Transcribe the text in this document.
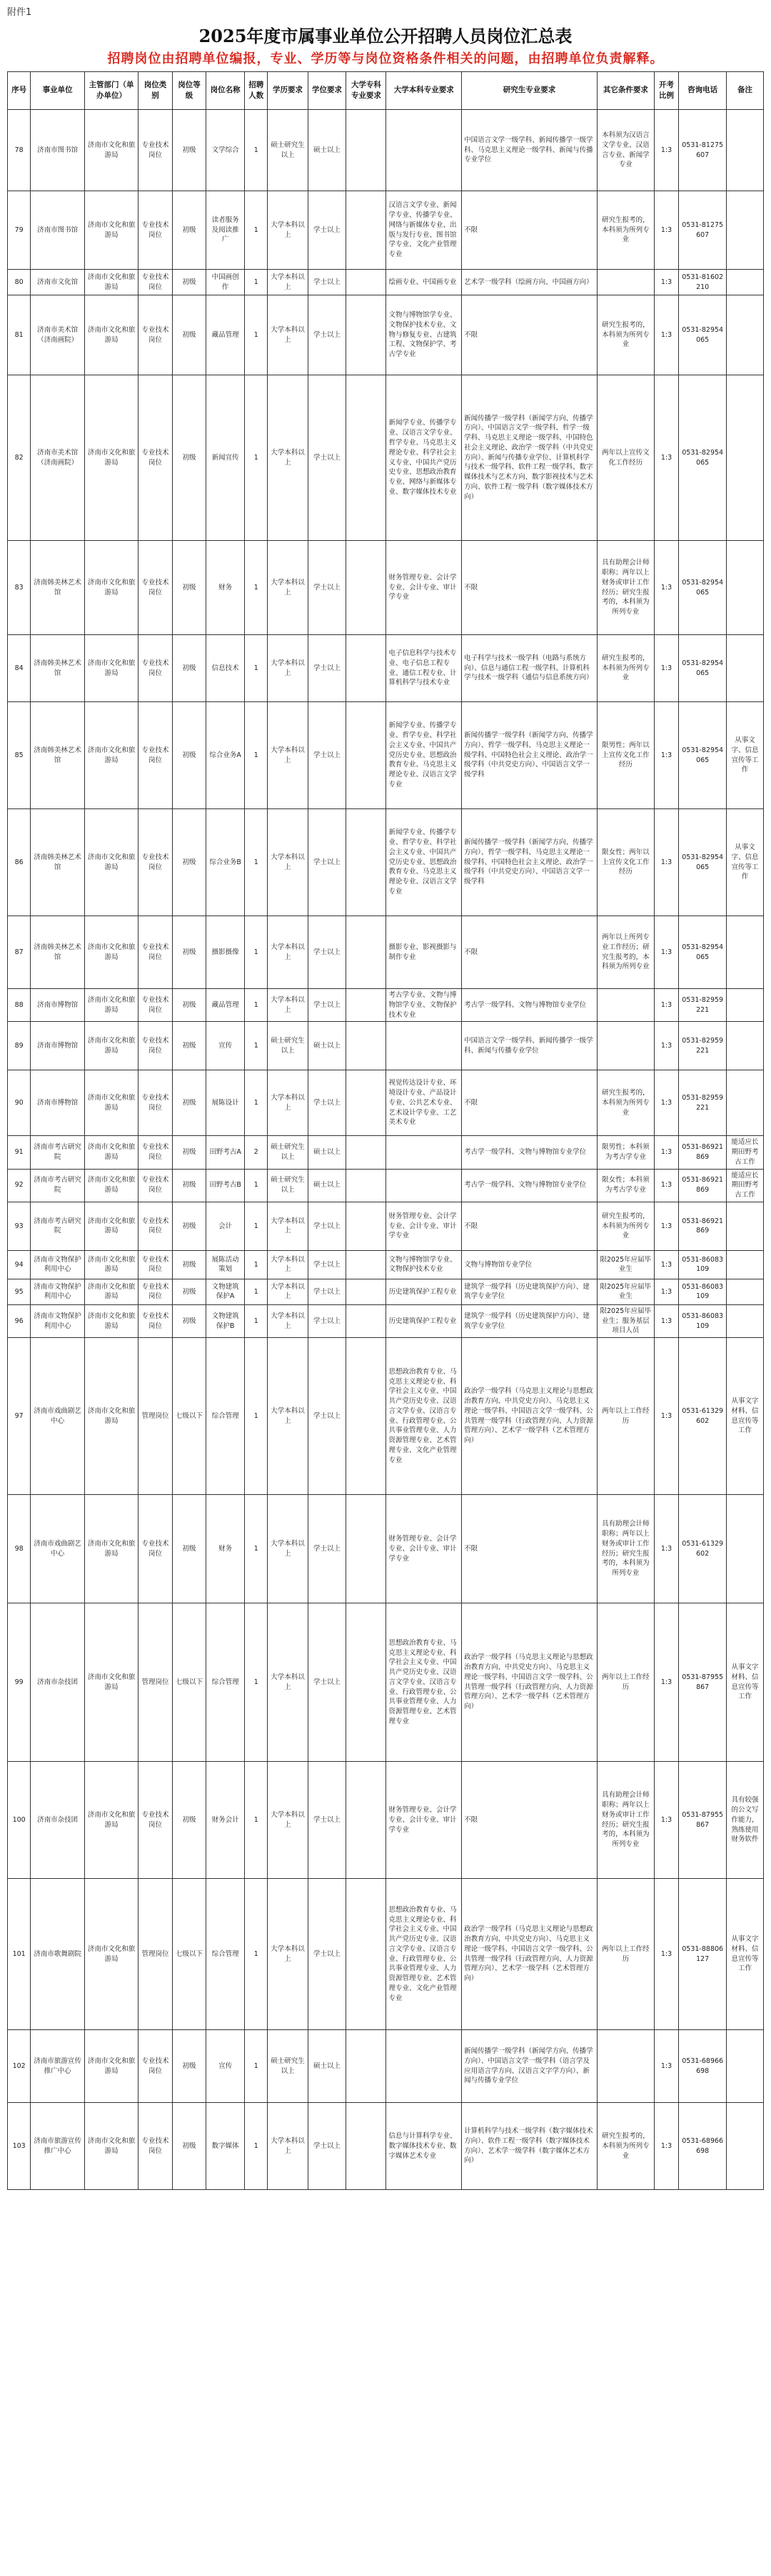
附件1
2025年度市属事业单位公开招聘人员岗位汇总表
招聘岗位由招聘单位编报，专业、学历等与岗位资格条件相关的问题，由招聘单位负责解释。
序号	事业单位	主管部门（单办单位）	岗位类别	岗位等级	岗位名称	招聘人数	学历要求	学位要求	大学专科专业要求	大学本科专业要求	研究生专业要求	其它条件要求	开考比例	咨询电话	备注
78	济南市图书馆	济南市文化和旅游局	专业技术岗位	初级	文学综合	1	硕士研究生以上	硕士以上			中国语言文学一级学科、新闻传播学一级学科、马克思主义理论一级学科、新闻与传播专业学位	本科须为汉语言文学专业、汉语言专业、新闻学专业	1:3	0531-81275607	
79	济南市图书馆	济南市文化和旅游局	专业技术岗位	初级	读者服务及阅读推广	1	大学本科以上	学士以上		汉语言文学专业、新闻学专业、传播学专业、网络与新媒体专业、出版与发行专业、图书馆学专业、文化产业管理专业	不限	研究生报考的，本科须为所列专业	1:3	0531-81275607	
80	济南市文化馆	济南市文化和旅游局	专业技术岗位	初级	中国画创作	1	大学本科以上	学士以上		绘画专业、中国画专业	艺术学一级学科（绘画方向、中国画方向）		1:3	0531-81602210	
81	济南市美术馆（济南画院）	济南市文化和旅游局	专业技术岗位	初级	藏品管理	1	大学本科以上	学士以上		文物与博物馆学专业、文物保护技术专业、文物与修复专业、古建筑工程、文物保护学、考古学专业	不限	研究生报考的，本科须为所列专业	1:3	0531-82954065	
82	济南市美术馆（济南画院）	济南市文化和旅游局	专业技术岗位	初级	新闻宣传	1	大学本科以上	学士以上		新闻学专业、传播学专业、汉语言文学专业、哲学专业、马克思主义理论专业、科学社会主义专业、中国共产党历史专业、思想政治教育专业、网络与新媒体专业、数字媒体技术专业	新闻传播学一级学科（新闻学方向、传播学方向）、中国语言文学一级学科、哲学一级学科、马克思主义理论一级学科、中国特色社会主义理论、政治学一级学科（中共党史方向）、新闻与传播专业学位、计算机科学与技术一级学科、软件工程一级学科、数字媒体技术与艺术方向、数字影视技术与艺术方向、软件工程一级学科（数字媒体技术方向）	两年以上宣传文化工作经历	1:3	0531-82954065	
83	济南韩美林艺术馆	济南市文化和旅游局	专业技术岗位	初级	财务	1	大学本科以上	学士以上		财务管理专业、会计学专业、会计专业、审计学专业	不限	具有助理会计师职称；两年以上财务或审计工作经历；研究生报考的，本科须为所列专业	1:3	0531-82954065	
84	济南韩美林艺术馆	济南市文化和旅游局	专业技术岗位	初级	信息技术	1	大学本科以上	学士以上		电子信息科学与技术专业、电子信息工程专业、通信工程专业、计算机科学与技术专业	电子科学与技术一级学科（电路与系统方向）、信息与通信工程一级学科、计算机科学与技术一级学科（通信与信息系统方向）	研究生报考的，本科须为所列专业	1:3	0531-82954065	
85	济南韩美林艺术馆	济南市文化和旅游局	专业技术岗位	初级	综合业务A	1	大学本科以上	学士以上		新闻学专业、传播学专业、哲学专业、科学社会主义专业、中国共产党历史专业、思想政治教育专业、马克思主义理论专业、汉语言文学专业	新闻传播学一级学科（新闻学方向、传播学方向）、哲学一级学科、马克思主义理论一级学科、中国特色社会主义理论、政治学一级学科（中共党史方向）、中国语言文学一级学科	限男性；两年以上宣传文化工作经历	1:3	0531-82954065	从事文字、信息宣传等工作
86	济南韩美林艺术馆	济南市文化和旅游局	专业技术岗位	初级	综合业务B	1	大学本科以上	学士以上		新闻学专业、传播学专业、哲学专业、科学社会主义专业、中国共产党历史专业、思想政治教育专业、马克思主义理论专业、汉语言文学专业	新闻传播学一级学科（新闻学方向、传播学方向）、哲学一级学科、马克思主义理论一级学科、中国特色社会主义理论、政治学一级学科（中共党史方向）、中国语言文学一级学科	限女性；两年以上宣传文化工作经历	1:3	0531-82954065	从事文字、信息宣传等工作
87	济南韩美林艺术馆	济南市文化和旅游局	专业技术岗位	初级	摄影摄像	1	大学本科以上	学士以上		摄影专业、影视摄影与制作专业	不限	两年以上所列专业工作经历；研究生报考的，本科须为所列专业	1:3	0531-82954065	
88	济南市博物馆	济南市文化和旅游局	专业技术岗位	初级	藏品管理	1	大学本科以上	学士以上		考古学专业、文物与博物馆学专业、文物保护技术专业	考古学一级学科、文物与博物馆专业学位		1:3	0531-82959221	
89	济南市博物馆	济南市文化和旅游局	专业技术岗位	初级	宣传	1	硕士研究生以上	硕士以上			中国语言文学一级学科、新闻传播学一级学科、新闻与传播专业学位		1:3	0531-82959221	
90	济南市博物馆	济南市文化和旅游局	专业技术岗位	初级	展陈设计	1	大学本科以上	学士以上		视觉传达设计专业、环境设计专业、产品设计专业、公共艺术专业、艺术设计学专业、工艺美术专业	不限	研究生报考的，本科须为所列专业	1:3	0531-82959221	
91	济南市考古研究院	济南市文化和旅游局	专业技术岗位	初级	田野考古A	2	硕士研究生以上	硕士以上			考古学一级学科、文物与博物馆专业学位	限男性；本科须为考古学专业	1:3	0531-86921869	能适应长期田野考古工作
92	济南市考古研究院	济南市文化和旅游局	专业技术岗位	初级	田野考古B	1	硕士研究生以上	硕士以上			考古学一级学科、文物与博物馆专业学位	限女性；本科须为考古学专业	1:3	0531-86921869	能适应长期田野考古工作
93	济南市考古研究院	济南市文化和旅游局	专业技术岗位	初级	会计	1	大学本科以上	学士以上		财务管理专业、会计学专业、会计专业、审计学专业	不限	研究生报考的，本科须为所列专业	1:3	0531-86921869	
94	济南市文物保护利用中心	济南市文化和旅游局	专业技术岗位	初级	展陈活动策划	1	大学本科以上	学士以上		文物与博物馆学专业、文物保护技术专业	文物与博物馆专业学位	限2025年应届毕业生	1:3	0531-86083109	
95	济南市文物保护利用中心	济南市文化和旅游局	专业技术岗位	初级	文物建筑保护A	1	大学本科以上	学士以上		历史建筑保护工程专业	建筑学一级学科（历史建筑保护方向）、建筑学专业学位	限2025年应届毕业生	1:3	0531-86083109	
96	济南市文物保护利用中心	济南市文化和旅游局	专业技术岗位	初级	文物建筑保护B	1	大学本科以上	学士以上		历史建筑保护工程专业	建筑学一级学科（历史建筑保护方向）、建筑学专业学位	限2025年应届毕业生；服务基层项目人员	1:3	0531-86083109	
97	济南市戏曲剧艺中心	济南市文化和旅游局	管理岗位	七级以下	综合管理	1	大学本科以上	学士以上		思想政治教育专业、马克思主义理论专业、科学社会主义专业、中国共产党历史专业、汉语言文学专业、汉语言专业、行政管理专业、公共事业管理专业、人力资源管理专业、艺术管理专业、文化产业管理专业	政治学一级学科（马克思主义理论与思想政治教育方向、中共党史方向）、马克思主义理论一级学科、中国语言文学一级学科、公共管理一级学科（行政管理方向、人力资源管理方向）、艺术学一级学科（艺术管理方向）	两年以上工作经历	1:3	0531-61329602	从事文字材料、信息宣传等工作
98	济南市戏曲剧艺中心	济南市文化和旅游局	专业技术岗位	初级	财务	1	大学本科以上	学士以上		财务管理专业、会计学专业、会计专业、审计学专业	不限	具有助理会计师职称；两年以上财务或审计工作经历；研究生报考的，本科须为所列专业	1:3	0531-61329602	
99	济南市杂技团	济南市文化和旅游局	管理岗位	七级以下	综合管理	1	大学本科以上	学士以上		思想政治教育专业、马克思主义理论专业、科学社会主义专业、中国共产党历史专业、汉语言文学专业、汉语言专业、行政管理专业、公共事业管理专业、人力资源管理专业、艺术管理专业	政治学一级学科（马克思主义理论与思想政治教育方向、中共党史方向）、马克思主义理论一级学科、中国语言文学一级学科、公共管理一级学科（行政管理方向、人力资源管理方向）、艺术学一级学科（艺术管理方向）	两年以上工作经历	1:3	0531-87955867	从事文字材料、信息宣传等工作
100	济南市杂技团	济南市文化和旅游局	专业技术岗位	初级	财务会计	1	大学本科以上	学士以上		财务管理专业、会计学专业、会计专业、审计学专业	不限	具有助理会计师职称；两年以上财务或审计工作经历；研究生报考的，本科须为所列专业	1:3	0531-87955867	具有较强的公文写作能力，熟练使用财务软件
101	济南市歌舞剧院	济南市文化和旅游局	管理岗位	七级以下	综合管理	1	大学本科以上	学士以上		思想政治教育专业、马克思主义理论专业、科学社会主义专业、中国共产党历史专业、汉语言文学专业、汉语言专业、行政管理专业、公共事业管理专业、人力资源管理专业、艺术管理专业、文化产业管理专业	政治学一级学科（马克思主义理论与思想政治教育方向、中共党史方向）、马克思主义理论一级学科、中国语言文学一级学科、公共管理一级学科（行政管理方向、人力资源管理方向）、艺术学一级学科（艺术管理方向）	两年以上工作经历	1:3	0531-88806127	从事文字材料、信息宣传等工作
102	济南市旅游宣传推广中心	济南市文化和旅游局	专业技术岗位	初级	宣传	1	硕士研究生以上	硕士以上			新闻传播学一级学科（新闻学方向、传播学方向）、中国语言文学一级学科（语言学及应用语言学方向、汉语言文字学方向）、新闻与传播专业学位		1:3	0531-68966698	
103	济南市旅游宣传推广中心	济南市文化和旅游局	专业技术岗位	初级	数字媒体	1	大学本科以上	学士以上		信息与计算科学专业、数字媒体技术专业、数字媒体艺术专业	计算机科学与技术一级学科（数字媒体技术方向）、软件工程一级学科（数字媒体技术方向）、艺术学一级学科（数字媒体艺术方向）	研究生报考的，本科须为所列专业	1:3	0531-68966698	
